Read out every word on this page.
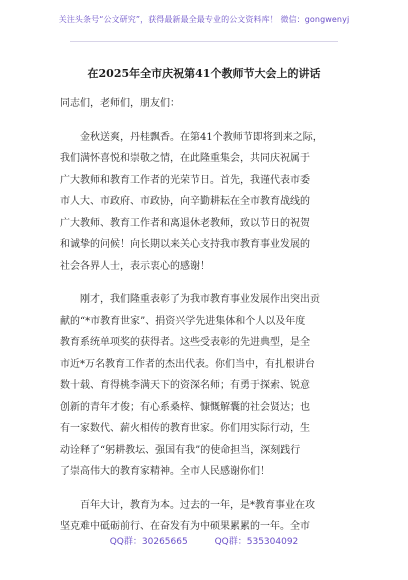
关注头条号“公文研究”，获得最新最全最专业的公文资料库！ 微信：gongwenyj
在2025年全市庆祝第41个教师节大会上的讲话
同志们，老师们，朋友们：
　　金秋送爽，丹桂飘香。在第41个教师节即将到来之际，
我们满怀喜悦和崇敬之情，在此隆重集会，共同庆祝属于
广大教师和教育工作者的光荣节日。首先，我谨代表市委
市人大、市政府、市政协，向辛勤耕耘在全市教育战线的
广大教师、教育工作者和离退休老教师，致以节日的祝贺
和诚挚的问候！向长期以来关心支持我市教育事业发展的
社会各界人士，表示衷心的感谢！
　　刚才，我们隆重表彰了为我市教育事业发展作出突出贡
献的“*市教育世家”、捐资兴学先进集体和个人以及年度
教育系统单项奖的获得者。这些受表彰的先进典型，是全
市近*万名教育工作者的杰出代表。你们当中，有扎根讲台
数十载、育得桃李满天下的资深名师；有勇于探索、锐意
创新的青年才俊；有心系桑梓、慷慨解囊的社会贤达；也
有一家数代、薪火相传的教育世家。你们用实际行动，生
动诠释了“躬耕教坛、强国有我”的使命担当，深刻践行
了崇高伟大的教育家精神。全市人民感谢你们！
　　百年大计，教育为本。过去的一年，是*教育事业在攻
坚克难中砥砺前行、在奋发有为中硕果累累的一年。全市
QQ群：30265665	QQ群：535304092
